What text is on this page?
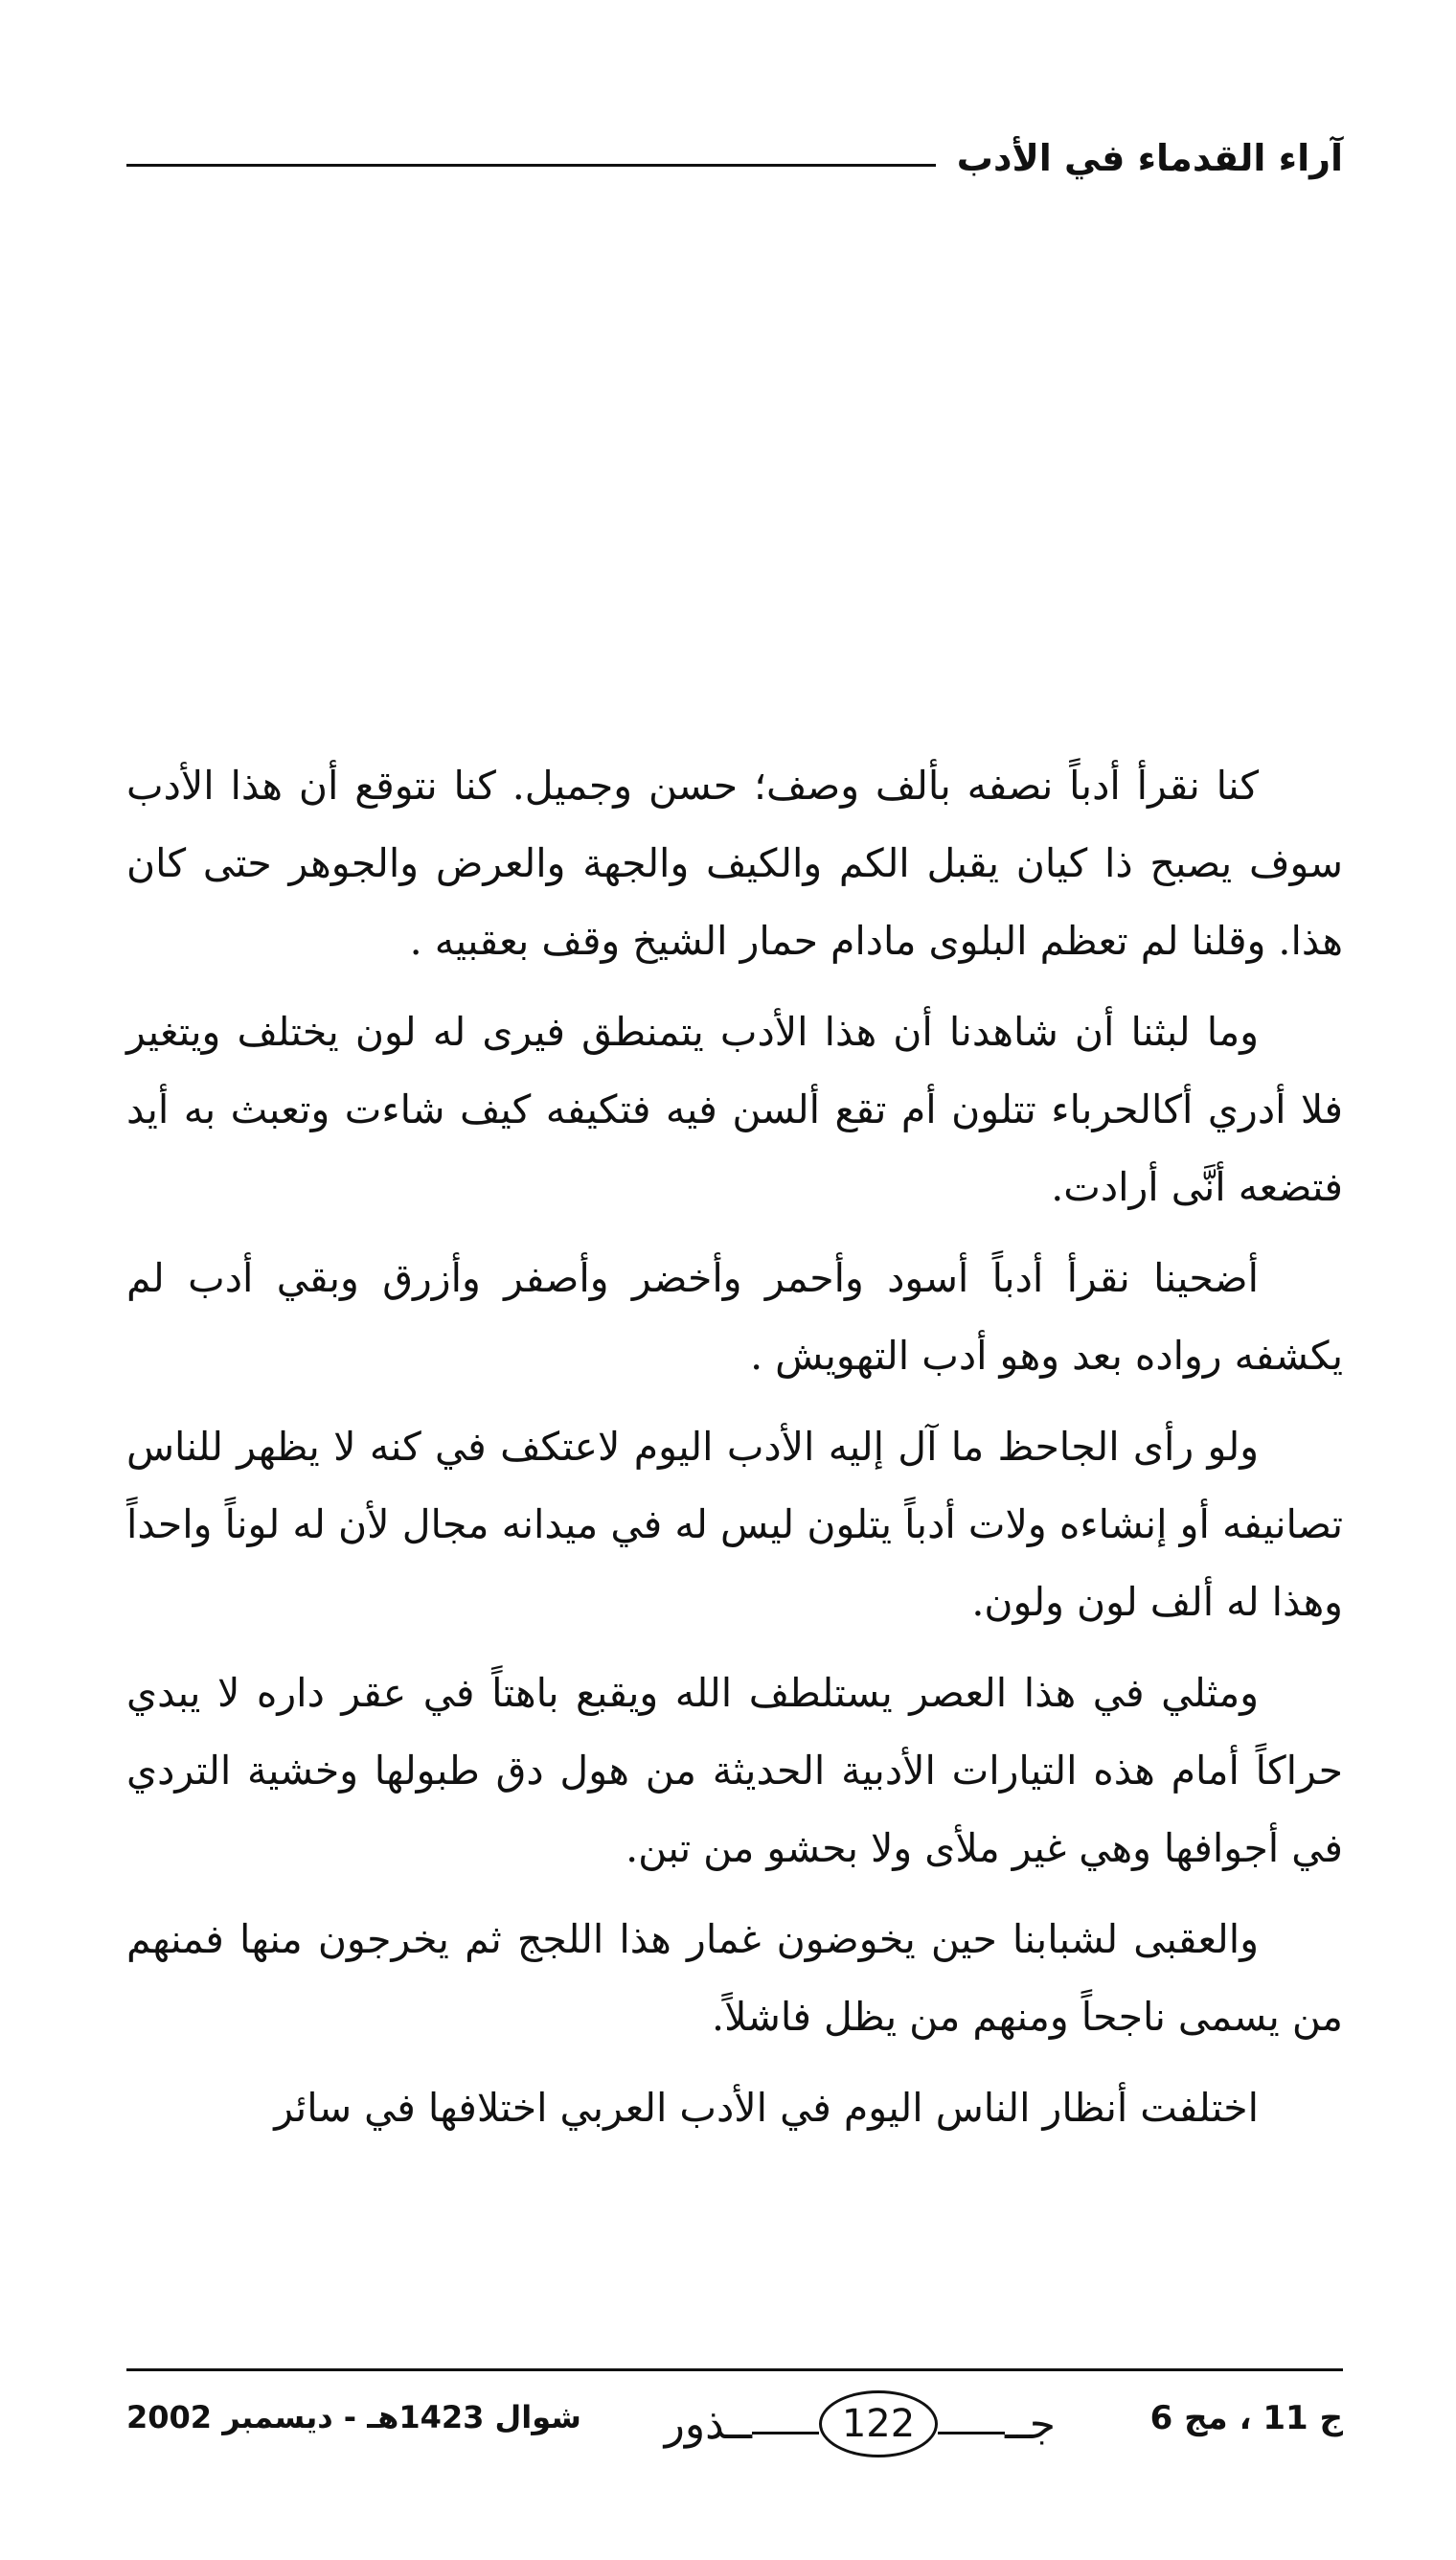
آراء القدماء في الأدب

كنا نقرأ أدباً نصفه بألف وصف؛ حسن وجميل. كنا نتوقع أن هذا الأدب سوف يصبح ذا كيان يقبل الكم والكيف والجهة والعرض والجوهر حتى كان هذا. وقلنا لم تعظم البلوى مادام حمار الشيخ وقف بعقبيه .

وما لبثنا أن شاهدنا أن هذا الأدب يتمنطق فيرى له لون يختلف ويتغير فلا أدري أكالحرباء تتلون أم تقع ألسن فيه فتكيفه كيف شاءت وتعبث به أيد فتضعه أنَّى أرادت.

أضحينا نقرأ أدباً أسود وأحمر وأخضر وأصفر وأزرق وبقي أدب لم يكشفه رواده بعد وهو أدب التهويش .

ولو رأى الجاحظ ما آل إليه الأدب اليوم لاعتكف في كنه لا يظهر للناس تصانيفه أو إنشاءه ولات أدباً يتلون ليس له في ميدانه مجال لأن له لوناً واحداً وهذا له ألف لون ولون.

ومثلي في هذا العصر يستلطف الله ويقبع باهتاً في عقر داره لا يبدي حراكاً أمام هذه التيارات الأدبية الحديثة من هول دق طبولها وخشية التردي في أجوافها وهي غير ملأى ولا بحشو من تبن.

والعقبى لشبابنا حين يخوضون غمار هذا اللجج ثم يخرجون منها فمنهم من يسمى ناجحاً ومنهم من يظل فاشلاً.

اختلفت أنظار الناس اليوم في الأدب العربي اختلافها في سائر

ج 11 ، مج 6
جــ
122
ــذور
شوال 1423هـ - ديسمبر 2002
